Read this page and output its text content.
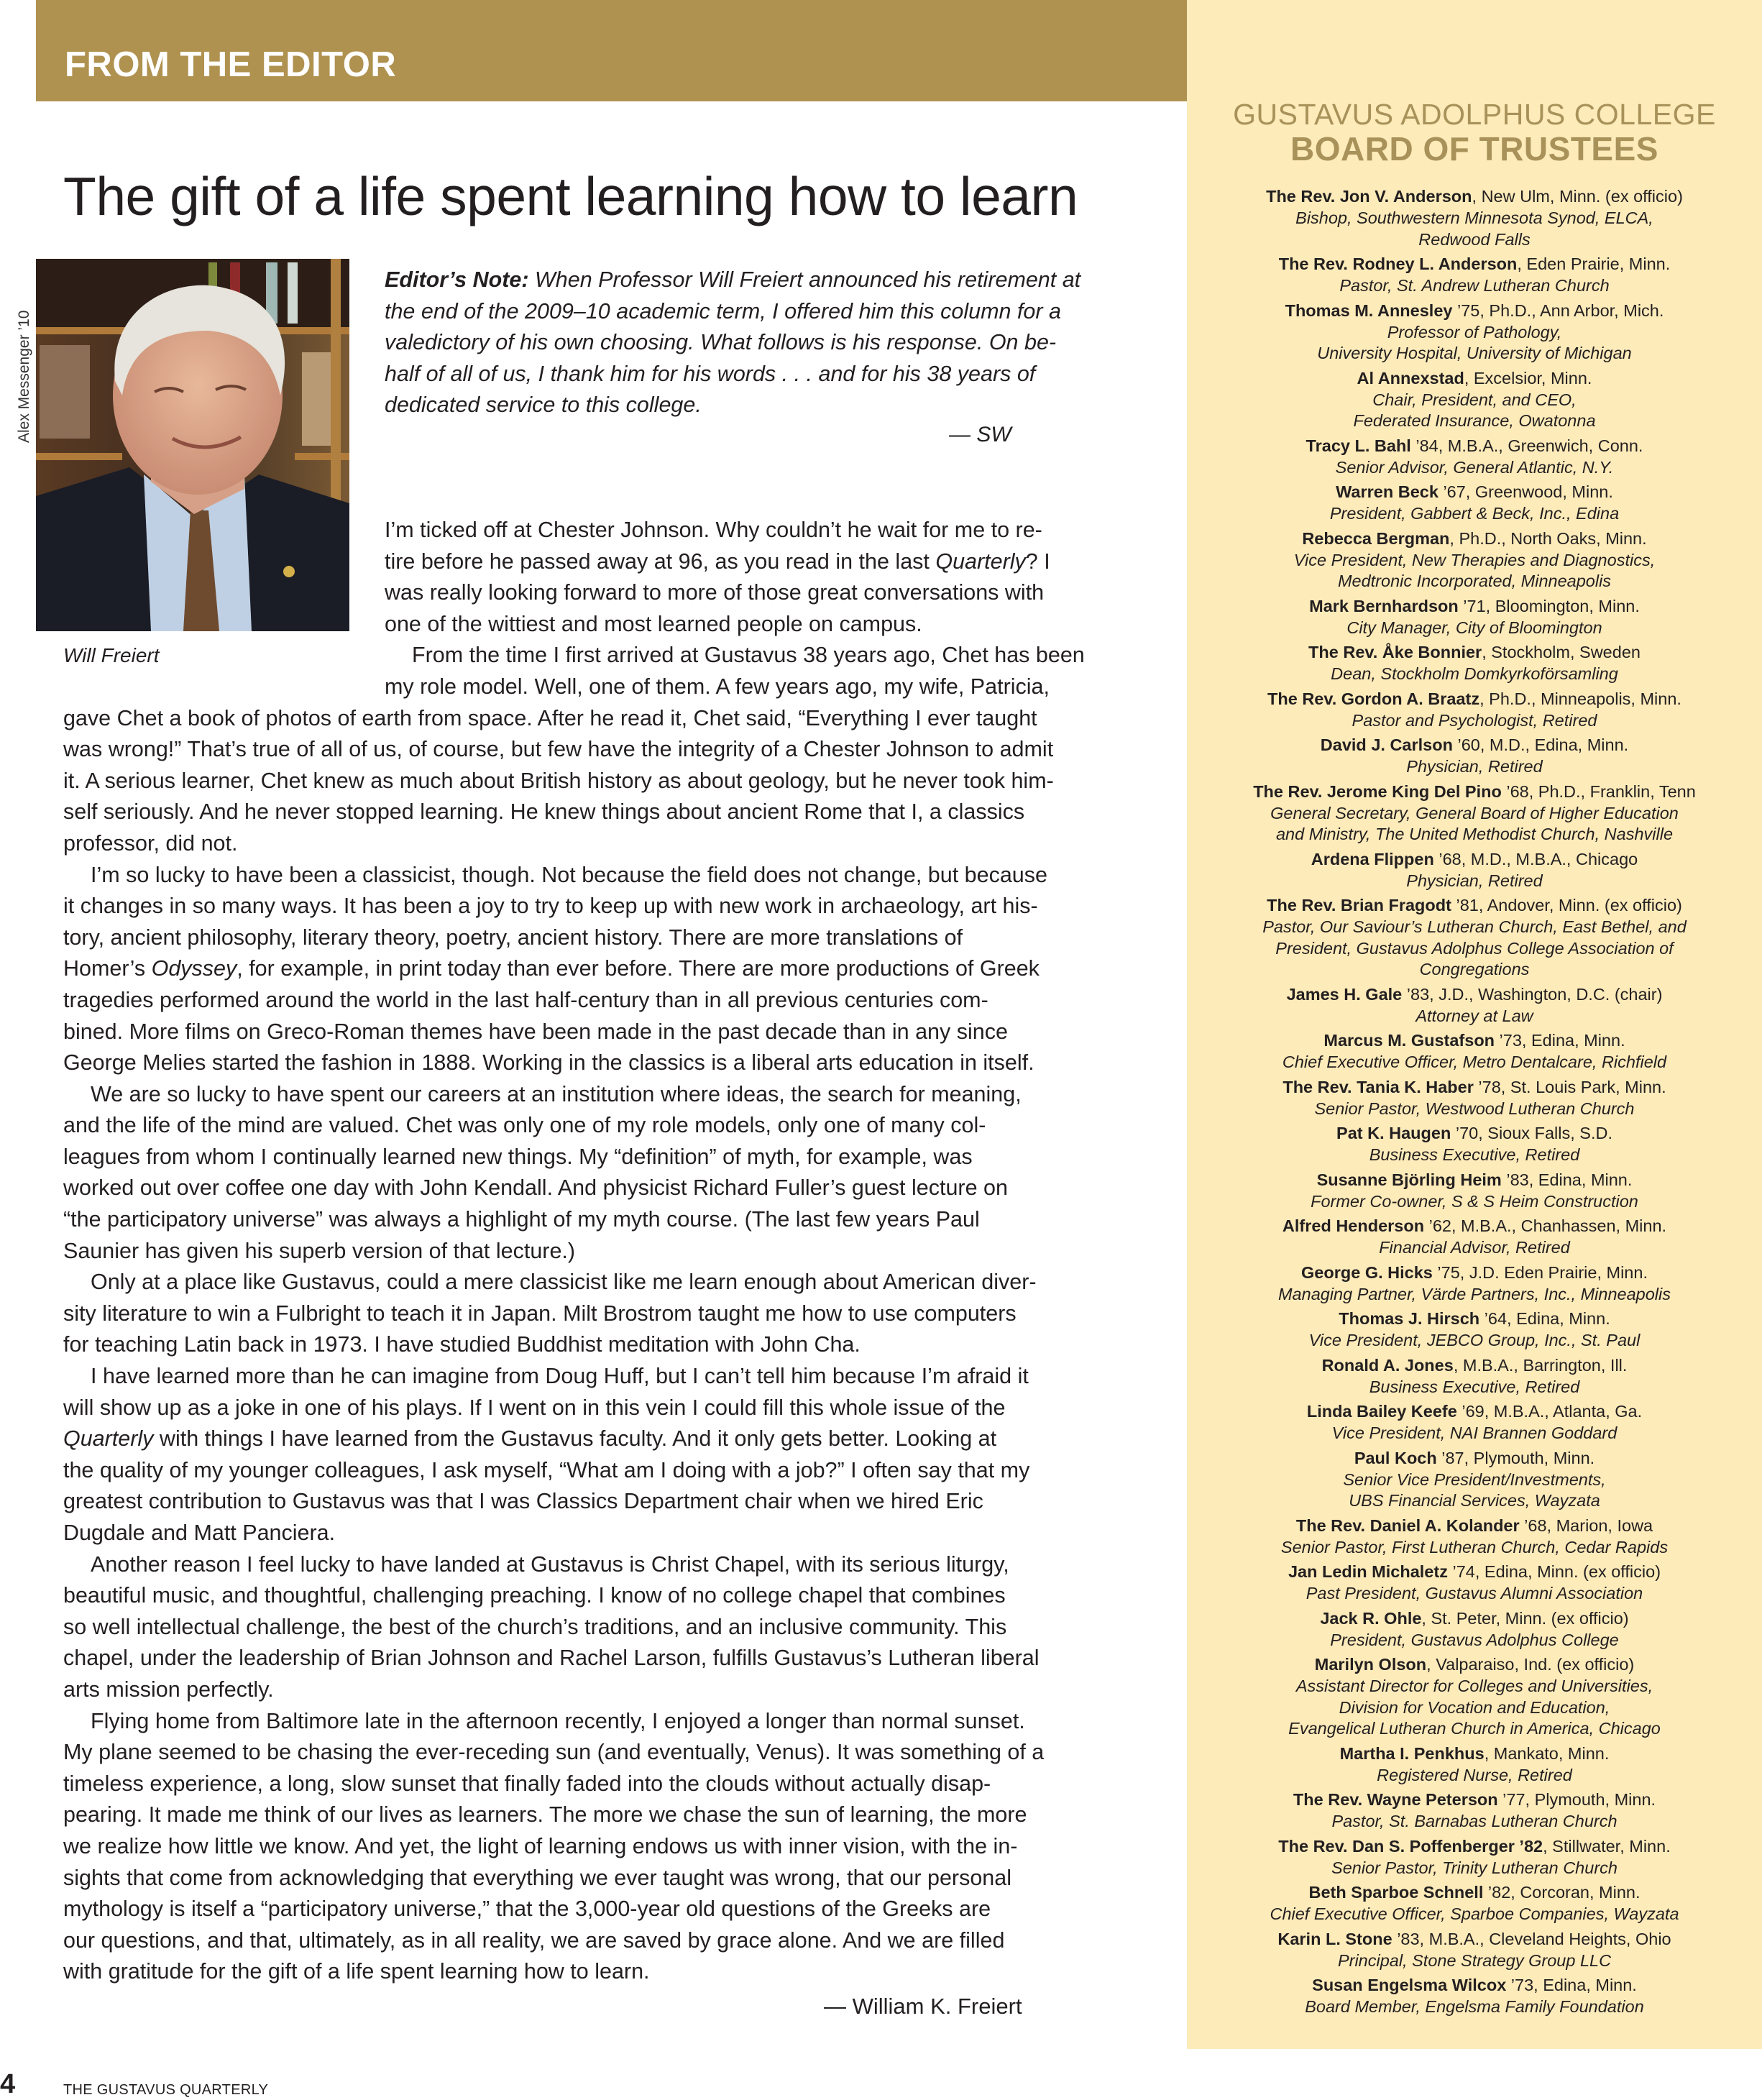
FROM THE EDITOR
The gift of a life spent learning how to learn
Alex Messenger ’10
Will Freiert
Editor’s Note: When Professor Will Freiert announced his retirement at
the end of the 2009–10 academic term, I offered him this column for a
valedictory of his own choosing. What follows is his response. On be-
half of all of us, I thank him for his words . . . and for his 38 years of
dedicated service to this college.
— SW
I’m ticked off at Chester Johnson. Why couldn’t he wait for me to re-
tire before he passed away at 96, as you read in the last Quarterly? I
was really looking forward to more of those great conversations with
one of the wittiest and most learned people on campus.
From the time I first arrived at Gustavus 38 years ago, Chet has been
my role model. Well, one of them. A few years ago, my wife, Patricia,
gave Chet a book of photos of earth from space. After he read it, Chet said, “Everything I ever taught
was wrong!” That’s true of all of us, of course, but few have the integrity of a Chester Johnson to admit
it. A serious learner, Chet knew as much about British history as about geology, but he never took him-
self seriously. And he never stopped learning. He knew things about ancient Rome that I, a classics
professor, did not.
I’m so lucky to have been a classicist, though. Not because the field does not change, but because
it changes in so many ways. It has been a joy to try to keep up with new work in archaeology, art his-
tory, ancient philosophy, literary theory, poetry, ancient history. There are more translations of
Homer’s Odyssey, for example, in print today than ever before. There are more productions of Greek
tragedies performed around the world in the last half-century than in all previous centuries com-
bined. More films on Greco-Roman themes have been made in the past decade than in any since
George Melies started the fashion in 1888. Working in the classics is a liberal arts education in itself.
We are so lucky to have spent our careers at an institution where ideas, the search for meaning,
and the life of the mind are valued. Chet was only one of my role models, only one of many col-
leagues from whom I continually learned new things. My “definition” of myth, for example, was
worked out over coffee one day with John Kendall. And physicist Richard Fuller’s guest lecture on
“the participatory universe” was always a highlight of my myth course. (The last few years Paul
Saunier has given his superb version of that lecture.)
Only at a place like Gustavus, could a mere classicist like me learn enough about American diver-
sity literature to win a Fulbright to teach it in Japan. Milt Brostrom taught me how to use computers
for teaching Latin back in 1973. I have studied Buddhist meditation with John Cha.
I have learned more than he can imagine from Doug Huff, but I can’t tell him because I’m afraid it
will show up as a joke in one of his plays. If I went on in this vein I could fill this whole issue of the
Quarterly with things I have learned from the Gustavus faculty. And it only gets better. Looking at
the quality of my younger colleagues, I ask myself, “What am I doing with a job?” I often say that my
greatest contribution to Gustavus was that I was Classics Department chair when we hired Eric
Dugdale and Matt Panciera.
Another reason I feel lucky to have landed at Gustavus is Christ Chapel, with its serious liturgy,
beautiful music, and thoughtful, challenging preaching. I know of no college chapel that combines
so well intellectual challenge, the best of the church’s traditions, and an inclusive community. This
chapel, under the leadership of Brian Johnson and Rachel Larson, fulfills Gustavus’s Lutheran liberal
arts mission perfectly.
Flying home from Baltimore late in the afternoon recently, I enjoyed a longer than normal sunset.
My plane seemed to be chasing the ever-receding sun (and eventually, Venus). It was something of a
timeless experience, a long, slow sunset that finally faded into the clouds without actually disap-
pearing. It made me think of our lives as learners. The more we chase the sun of learning, the more
we realize how little we know. And yet, the light of learning endows us with inner vision, with the in-
sights that come from acknowledging that everything we ever taught was wrong, that our personal
mythology is itself a “participatory universe,” that the 3,000-year old questions of the Greeks are
our questions, and that, ultimately, as in all reality, we are saved by grace alone. And we are filled
with gratitude for the gift of a life spent learning how to learn.
— William K. Freiert
4	THE GUSTAVUS QUARTERLY
GUSTAVUS ADOLPHUS COLLEGE
BOARD OF TRUSTEES
The Rev. Jon V. Anderson, New Ulm, Minn. (ex officio)
Bishop, Southwestern Minnesota Synod, ELCA,
Redwood Falls
The Rev. Rodney L. Anderson, Eden Prairie, Minn.
Pastor, St. Andrew Lutheran Church
Thomas M. Annesley ’75, Ph.D., Ann Arbor, Mich.
Professor of Pathology,
University Hospital, University of Michigan
Al Annexstad, Excelsior, Minn.
Chair, President, and CEO,
Federated Insurance, Owatonna
Tracy L. Bahl ’84, M.B.A., Greenwich, Conn.
Senior Advisor, General Atlantic, N.Y.
Warren Beck ’67, Greenwood, Minn.
President, Gabbert & Beck, Inc., Edina
Rebecca Bergman, Ph.D., North Oaks, Minn.
Vice President, New Therapies and Diagnostics,
Medtronic Incorporated, Minneapolis
Mark Bernhardson ’71, Bloomington, Minn.
City Manager, City of Bloomington
The Rev. Åke Bonnier, Stockholm, Sweden
Dean, Stockholm Domkyrkoförsamling
The Rev. Gordon A. Braatz, Ph.D., Minneapolis, Minn.
Pastor and Psychologist, Retired
David J. Carlson ’60, M.D., Edina, Minn.
Physician, Retired
The Rev. Jerome King Del Pino ’68, Ph.D., Franklin, Tenn
General Secretary, General Board of Higher Education
and Ministry, The United Methodist Church, Nashville
Ardena Flippen ’68, M.D., M.B.A., Chicago
Physician, Retired
The Rev. Brian Fragodt ’81, Andover, Minn. (ex officio)
Pastor, Our Saviour’s Lutheran Church, East Bethel, and
President, Gustavus Adolphus College Association of
Congregations
James H. Gale ’83, J.D., Washington, D.C. (chair)
Attorney at Law
Marcus M. Gustafson ’73, Edina, Minn.
Chief Executive Officer, Metro Dentalcare, Richfield
The Rev. Tania K. Haber ’78, St. Louis Park, Minn.
Senior Pastor, Westwood Lutheran Church
Pat K. Haugen ’70, Sioux Falls, S.D.
Business Executive, Retired
Susanne Björling Heim ’83, Edina, Minn.
Former Co-owner, S & S Heim Construction
Alfred Henderson ’62, M.B.A., Chanhassen, Minn.
Financial Advisor, Retired
George G. Hicks ’75, J.D. Eden Prairie, Minn.
Managing Partner, Värde Partners, Inc., Minneapolis
Thomas J. Hirsch ’64, Edina, Minn.
Vice President, JEBCO Group, Inc., St. Paul
Ronald A. Jones, M.B.A., Barrington, Ill.
Business Executive, Retired
Linda Bailey Keefe ’69, M.B.A., Atlanta, Ga.
Vice President, NAI Brannen Goddard
Paul Koch ’87, Plymouth, Minn.
Senior Vice President/Investments,
UBS Financial Services, Wayzata
The Rev. Daniel A. Kolander ’68, Marion, Iowa
Senior Pastor, First Lutheran Church, Cedar Rapids
Jan Ledin Michaletz ’74, Edina, Minn. (ex officio)
Past President, Gustavus Alumni Association
Jack R. Ohle, St. Peter, Minn. (ex officio)
President, Gustavus Adolphus College
Marilyn Olson, Valparaiso, Ind. (ex officio)
Assistant Director for Colleges and Universities,
Division for Vocation and Education,
Evangelical Lutheran Church in America, Chicago
Martha I. Penkhus, Mankato, Minn.
Registered Nurse, Retired
The Rev. Wayne Peterson ’77, Plymouth, Minn.
Pastor, St. Barnabas Lutheran Church
The Rev. Dan S. Poffenberger ’82, Stillwater, Minn.
Senior Pastor, Trinity Lutheran Church
Beth Sparboe Schnell ’82, Corcoran, Minn.
Chief Executive Officer, Sparboe Companies, Wayzata
Karin L. Stone ’83, M.B.A., Cleveland Heights, Ohio
Principal, Stone Strategy Group LLC
Susan Engelsma Wilcox ’73, Edina, Minn.
Board Member, Engelsma Family Foundation
